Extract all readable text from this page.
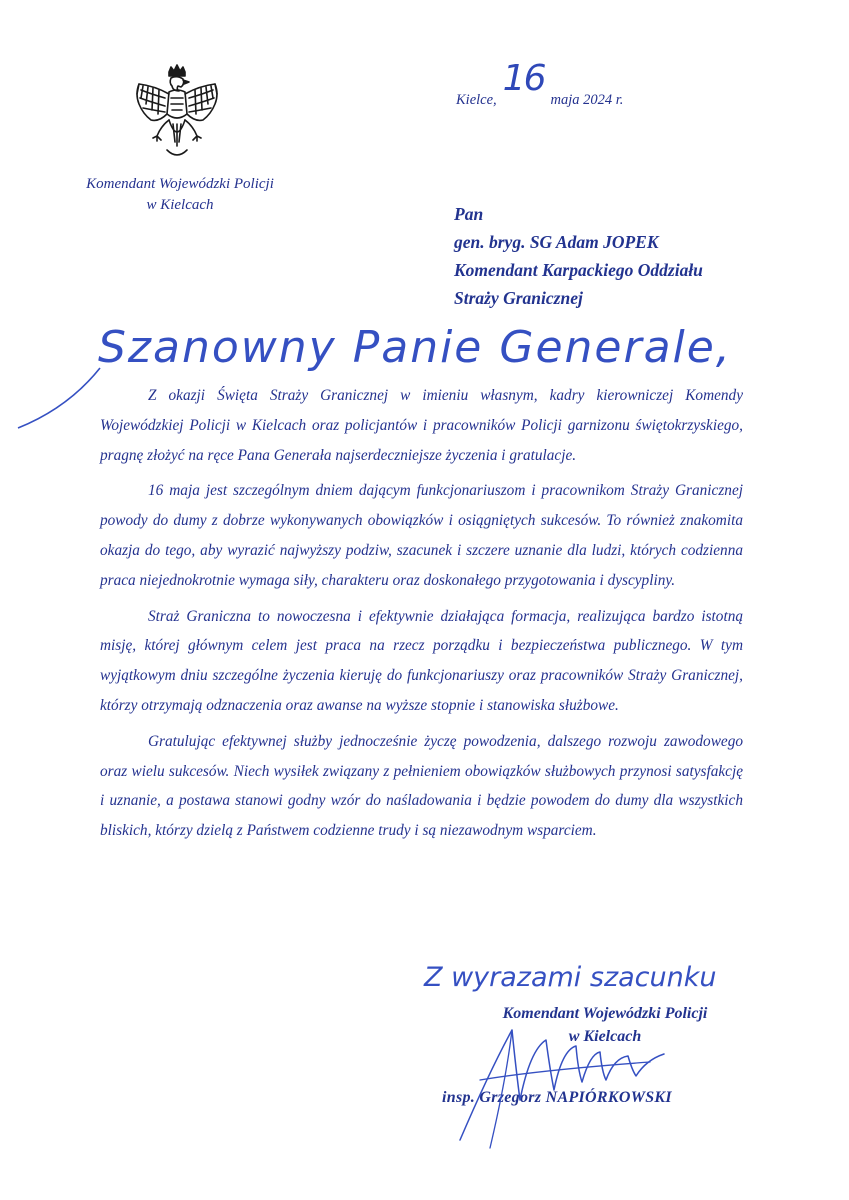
Komendant Wojewódzki Policji
w Kielcach
Kielce,16maja 2024 r.
Pan
gen. bryg. SG Adam JOPEK
Komendant Karpackiego Oddziału
Straży Granicznej
Szanowny Panie Generale,

Z okazji Święta Straży Granicznej w imieniu własnym, kadry kierowniczej Komendy Wojewódzkiej Policji w Kielcach oraz policjantów i pracowników Policji garnizonu świętokrzyskiego, pragnę złożyć na ręce Pana Generała najserdeczniejsze życzenia i gratulacje.

16 maja jest szczególnym dniem dającym funkcjonariuszom i pracownikom Straży Granicznej powody do dumy z dobrze wykonywanych obowiązków i osiągniętych sukcesów. To również znakomita okazja do tego, aby wyrazić najwyższy podziw, szacunek i szczere uznanie dla ludzi, których codzienna praca niejednokrotnie wymaga siły, charakteru oraz doskonałego przygotowania i dyscypliny.

Straż Graniczna to nowoczesna i efektywnie działająca formacja, realizująca bardzo istotną misję, której głównym celem jest praca na rzecz porządku i bezpieczeństwa publicznego. W tym wyjątkowym dniu szczególne życzenia kieruję do funkcjonariuszy oraz pracowników Straży Granicznej, którzy otrzymają odznaczenia oraz awanse na wyższe stopnie i stanowiska służbowe.

Gratulując efektywnej służby jednocześnie życzę powodzenia, dalszego rozwoju zawodowego oraz wielu sukcesów. Niech wysiłek związany z pełnieniem obowiązków służbowych przynosi satysfakcję i uznanie, a postawa stanowi godny wzór do naśladowania i będzie powodem do dumy dla wszystkich bliskich, którzy dzielą z Państwem codzienne trudy i są niezawodnym wsparciem.

Z wyrazami szacunku
Komendant Wojewódzki Policji
w Kielcach
insp. Grzegorz NAPIÓRKOWSKI
